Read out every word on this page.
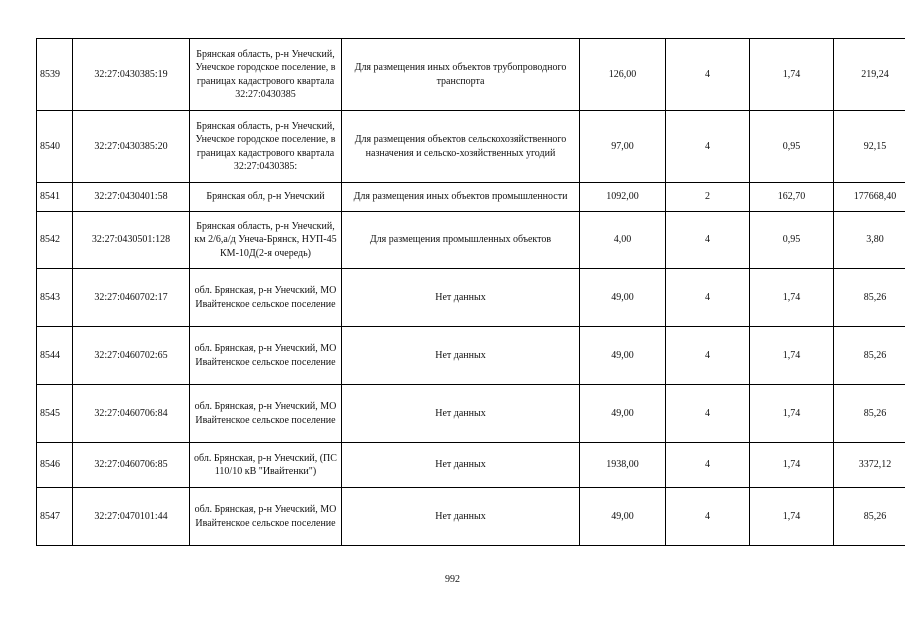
8539	32:27:0430385:19	Брянская область, р-н Унечский, Унечское городское поселение, в границах кадастрового квартала 32:27:0430385	Для размещения иных объектов трубопроводного транспорта	126,00	4	1,74	219,24
8540	32:27:0430385:20	Брянская область, р-н Унечский, Унечское городское поселение, в границах кадастрового квартала 32:27:0430385:	Для размещения объектов сельскохозяйственного назначения и сельско-хозяйственных угодий	97,00	4	0,95	92,15
8541	32:27:0430401:58	Брянская обл, р-н Унечский	Для размещения иных объектов промышленности	1092,00	2	162,70	177668,40
8542	32:27:0430501:128	Брянская область, р-н Унечский, км 2/6,а/д Унеча-Брянск, НУП-45 КМ-10Д(2-я очередь)	Для размещения промышленных объектов	4,00	4	0,95	3,80
8543	32:27:0460702:17	обл. Брянская, р-н Унечский, МО Ивайтенское сельское поселение	Нет данных	49,00	4	1,74	85,26
8544	32:27:0460702:65	обл. Брянская, р-н Унечский, МО Ивайтенское сельское поселение	Нет данных	49,00	4	1,74	85,26
8545	32:27:0460706:84	обл. Брянская, р-н Унечский, МО Ивайтенское сельское поселение	Нет данных	49,00	4	1,74	85,26
8546	32:27:0460706:85	обл. Брянская, р-н Унечский, (ПС 110/10 кВ "Ивайтенки")	Нет данных	1938,00	4	1,74	3372,12
8547	32:27:0470101:44	обл. Брянская, р-н Унечский, МО Ивайтенское сельское поселение	Нет данных	49,00	4	1,74	85,26
992
